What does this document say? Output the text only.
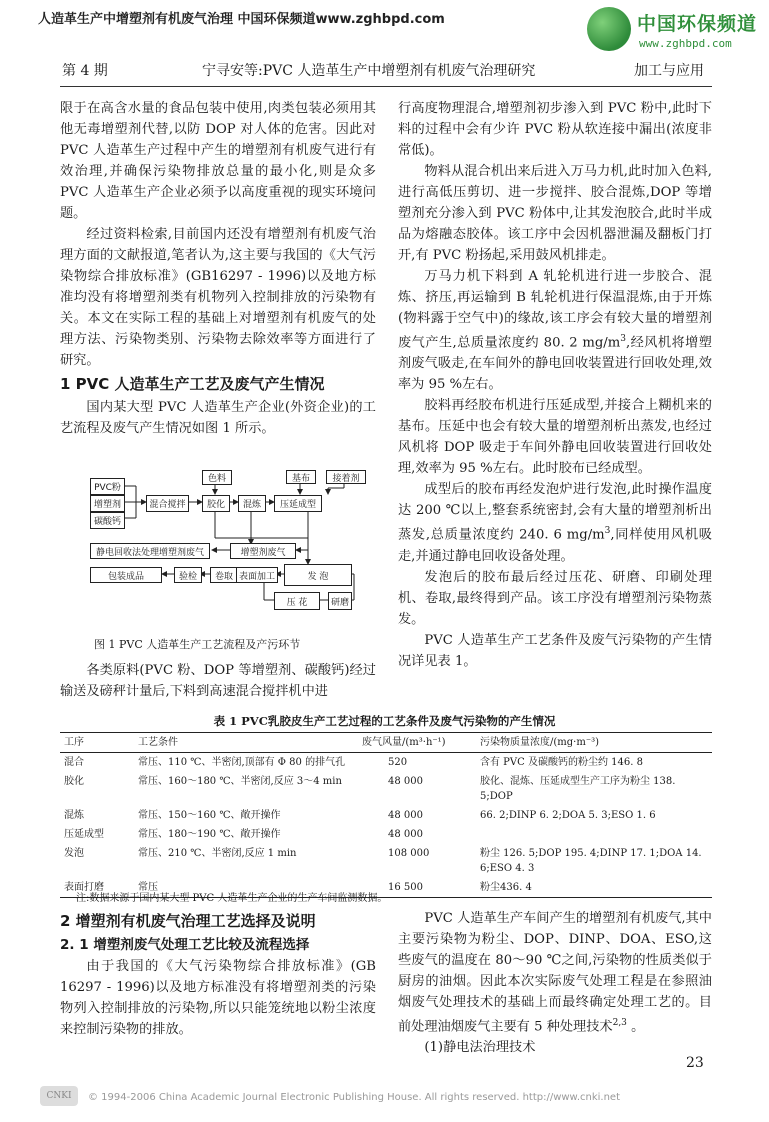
人造革生产中增塑剂有机废气治理 中国环保频道www.zghbpd.com	中国环保频道
www.zghbpd.com
第 4 期	宁寻安等:PVC 人造革生产中增塑剂有机废气治理研究	加工与应用

限于在高含水量的食品包装中使用,肉类包装必须用其他无毒增塑剂代替,以防 DOP 对人体的危害。因此对 PVC 人造革生产过程中产生的增塑剂有机废气进行有效治理,并确保污染物排放总量的最小化,则是众多 PVC 人造革生产企业必须予以高度重视的现实环境问题。

经过资料检索,目前国内还没有增塑剂有机废气治理方面的文献报道,笔者认为,这主要与我国的《大气污染物综合排放标准》(GB16297 - 1996)以及地方标准均没有将增塑剂类有机物列入控制排放的污染物有关。本文在实际工程的基础上对增塑剂有机废气的处理方法、污染物类别、污染物去除效率等方面进行了研究。

1 PVC 人造革生产工艺及废气产生情况

国内某大型 PVC 人造革生产企业(外资企业)的工艺流程及废气产生情况如图 1 所示。

PVC粉
增塑剂
碳酸钙
混合搅拌
色料
胶化	混炼
基布	接着剂
压延成型
静电回收法处理增塑剂废气	增塑剂废气
包装成品	验检	卷取 表面加工	发 泡
压 花	研磨
图 1 PVC 人造革生产工艺流程及产污环节

各类原料(PVC 粉、DOP 等增塑剂、碳酸钙)经过输送及磅秤计量后,下料到高速混合搅拌机中进

行高度物理混合,增塑剂初步渗入到 PVC 粉中,此时下料的过程中会有少许 PVC 粉从软连接中漏出(浓度非常低)。

物料从混合机出来后进入万马力机,此时加入色料,进行高低压剪切、进一步搅拌、胶合混炼,DOP 等增塑剂充分渗入到 PVC 粉体中,让其发泡胶合,此时半成品为熔融态胶体。该工序中会因机器泄漏及翻板门打开,有 PVC 粉扬起,采用鼓风机排走。

万马力机下料到 A 轧轮机进行进一步胶合、混炼、挤压,再运输到 B 轧轮机进行保温混炼,由于开炼(物料露于空气中)的缘故,该工序会有较大量的增塑剂废气产生,总质量浓度约 80. 2 $mg/m^3$,经风机将增塑剂废气吸走,在车间外的静电回收装置进行回收处理,效率为 95 %左右。

胶料再经胶布机进行压延成型,并接合上糊机来的基布。压延中也会有较大量的增塑剂析出蒸发,也经过风机将 DOP 吸走于车间外静电回收装置进行回收处理,效率为 95 %左右。此时胶布已经成型。

成型后的胶布再经发泡炉进行发泡,此时操作温度达 200 ℃以上,整套系统密封,会有大量的增塑剂析出蒸发,总质量浓度约 240. 6 $mg/m^3$,同样使用风机吸走,并通过静电回收设备处理。

发泡后的胶布最后经过压花、研磨、印刷处理机、卷取,最终得到产品。该工序没有增塑剂污染物蒸发。

PVC 人造革生产工艺条件及废气污染物的产生情况详见表 1。

表 1 PVC乳胶皮生产工艺过程的工艺条件及废气污染物的产生情况
工序	工艺条件	废气风量/(m³·h⁻¹)	污染物质量浓度/(mg·m⁻³)
混合	常压、110 ℃、半密闭,顶部有 Φ 80 的排气孔	520	含有 PVC 及碳酸钙的粉尘约 146. 8
胶化	常压、160～180 ℃、半密闭,反应 3～4 min	48 000	胶化、混炼、压延成型生产工序为粉尘 138. 5;DOP
混炼	常压、150～160 ℃、敞开操作	48 000	66. 2;DINP 6. 2;DOA 5. 3;ESO 1. 6
压延成型	常压、180～190 ℃、敞开操作	48 000	
发泡	常压、210 ℃、半密闭,反应 1 min	108 000	粉尘 126. 5;DOP 195. 4;DINP 17. 1;DOA 14. 6;ESO 4. 3
表面打磨	常压	16 500	粉尘436. 4
注:数据来源于国内某大型 PVC 人造革生产企业的生产车间监测数据。
2 增塑剂有机废气治理工艺选择及说明
2. 1 增塑剂废气处理工艺比较及流程选择

由于我国的《大气污染物综合排放标准》(GB 16297 - 1996)以及地方标准没有将增塑剂类的污染物列入控制排放的污染物,所以只能笼统地以粉尘浓度来控制污染物的排放。

PVC 人造革生产车间产生的增塑剂有机废气,其中主要污染物为粉尘、DOP、DINP、DOA、ESO,这些废气的温度在 80～90 ℃之间,污染物的性质类似于厨房的油烟。因此本次实际废气处理工程是在参照油烟废气处理技术的基础上而最终确定处理工艺的。目前处理油烟废气主要有 5 种处理技术$^{2,3}$ 。

(1)静电法治理技术

23
CNKI	© 1994-2006 China Academic Journal Electronic Publishing House. All rights reserved. http://www.cnki.net
